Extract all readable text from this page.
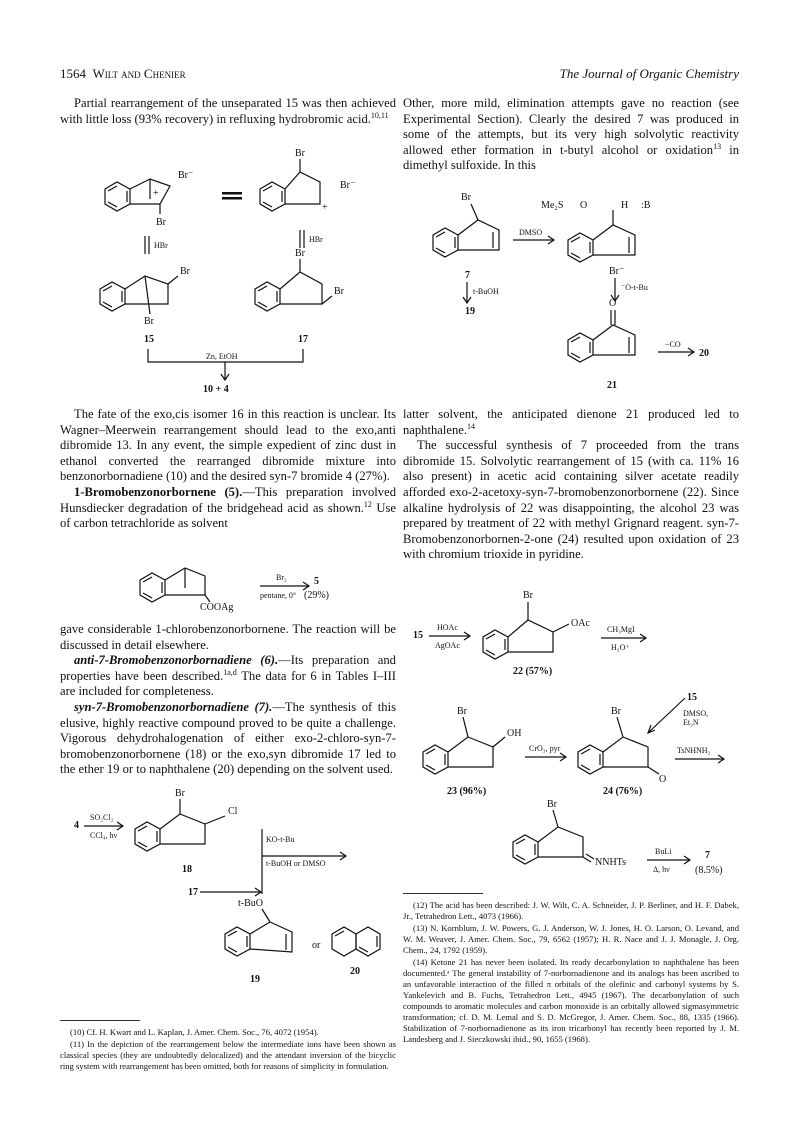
1564 Wilt and Chenier	The Journal of Organic Chemistry

Partial rearrangement of the unseparated 15 was then achieved with little loss (93% recovery) in refluxing hydrobromic acid.$^{10,11}$

Br⁻
+
Br
Br
Br⁻
+
HBr
HBr
Br
Br
15
Br
Br
17
Zn, EtOH
10 + 4

The fate of the exo,cis isomer 16 in this reaction is unclear. Its Wagner–Meerwein rearrangement should lead to the exo,anti dibromide 13. In any event, the simple expedient of zinc dust in ethanol converted the rearranged dibromide mixture into benzonorbornadiene (10) and the desired syn-7 bromide 4 (27%).

1-Bromobenzonorbornene (5).—This preparation involved Hunsdiecker degradation of the bridgehead acid as shown.$^{12}$ Use of carbon tetrachloride as solvent

COOAg
Br₂
pentane, 0°
5
(29%)

gave considerable 1-chlorobenzonorbornene. The reaction will be discussed in detail elsewhere.

anti-7-Bromobenzonorbornadiene (6).—Its preparation and properties have been described.$^{1a,d}$ The data for 6 in Tables I–III are included for completeness.

syn-7-Bromobenzonorbornadiene (7).—The synthesis of this elusive, highly reactive compound proved to be quite a challenge. Vigorous dehydrohalogenation of either exo-2-chloro-syn-7-bromobenzonorbornene (18) or the exo,syn dibromide 17 led to the ether 19 or to naphthalene (20) depending on the solvent used.

4
SO₂Cl₂
CCl₄, hν
Br
Cl
18
KO-t-Bu
t-BuOH or DMSO
17
t-BuO
19
or
20

(10) Cf. H. Kwart and L. Kaplan, J. Amer. Chem. Soc., 76, 4072 (1954).

(11) In the depiction of the rearrangement below the intermediate ions have been shown as classical species (they are undoubtedly delocalized) and the attendant inversion of the bicyclic ring system with rearrangement has been omitted, both for reasons of simplicity in formulation.

Other, more mild, elimination attempts gave no reaction (see Experimental Section). Clearly the desired 7 was produced in some of the attempts, but its very high solvolytic reactivity allowed ether formation in t-butyl alcohol or oxidation$^{13}$ in dimethyl sulfoxide. In this

Br
DMSO
Me₂S O	H :B
Br⁻
7
t-BuOH
19
⁻O-t-Bu
O
−CO
20
21

latter solvent, the anticipated dienone 21 produced led to naphthalene.$^{14}$

The successful synthesis of 7 proceeded from the trans dibromide 15. Solvolytic rearrangement of 15 (with ca. 11% 16 also present) in acetic acid containing silver acetate readily afforded exo-2-acetoxy-syn-7-bromobenzonorbornene (22). Since alkaline hydrolysis of 22 was disappointing, the alcohol 23 was prepared by treatment of 22 with methyl Grignard reagent. syn-7-Bromobenzonorbornen-2-one (24) resulted upon oxidation of 23 with chromium trioxide in pyridine.

15
HOAc
AgOAc
Br
OAc
22 (57%)
CH₃MgI
H₃O⁺
Br
OH
23 (96%)
CrO₃, pyr
Br
O
24 (76%)
15
DMSO,
Et₃N
TsNHNH₂
Br
NNHTs
BuLi
Δ, hν
7
(8.5%)

(12) The acid has been described: J. W. Wilt, C. A. Schneider, J. P. Berliner, and H. F. Dabek, Jr., Tetrahedron Lett., 4073 (1966).

(13) N. Kornblum, J. W. Powers, G. J. Anderson, W. J. Jones, H. O. Larson, O. Levand, and W. M. Weaver, J. Amer. Chem. Soc., 79, 6562 (1957); H. R. Nace and J. J. Monagle, J. Org. Chem., 24, 1792 (1959).

(14) Ketone 21 has never been isolated. Its ready decarbonylation to naphthalene has been documented.ᵃ The general instability of 7-norbornadienone and its analogs has been ascribed to an unfavorable interaction of the filled π orbitals of the olefinic and carbonyl systems by S. Yankelevich and B. Fuchs, Tetrahedron Lett., 4945 (1967). The decarbonylation of such compounds to aromatic molecules and carbon monoxide is an orbitally allowed sigmasymmetric transformation; cf. D. M. Lemal and S. D. McGregor, J. Amer. Chem. Soc., 88, 1335 (1966). Stabilization of 7-norbornadienone as its iron tricarbonyl has recently been reported by J. M. Landesberg and J. Sieczkowski ibid., 90, 1655 (1968).
